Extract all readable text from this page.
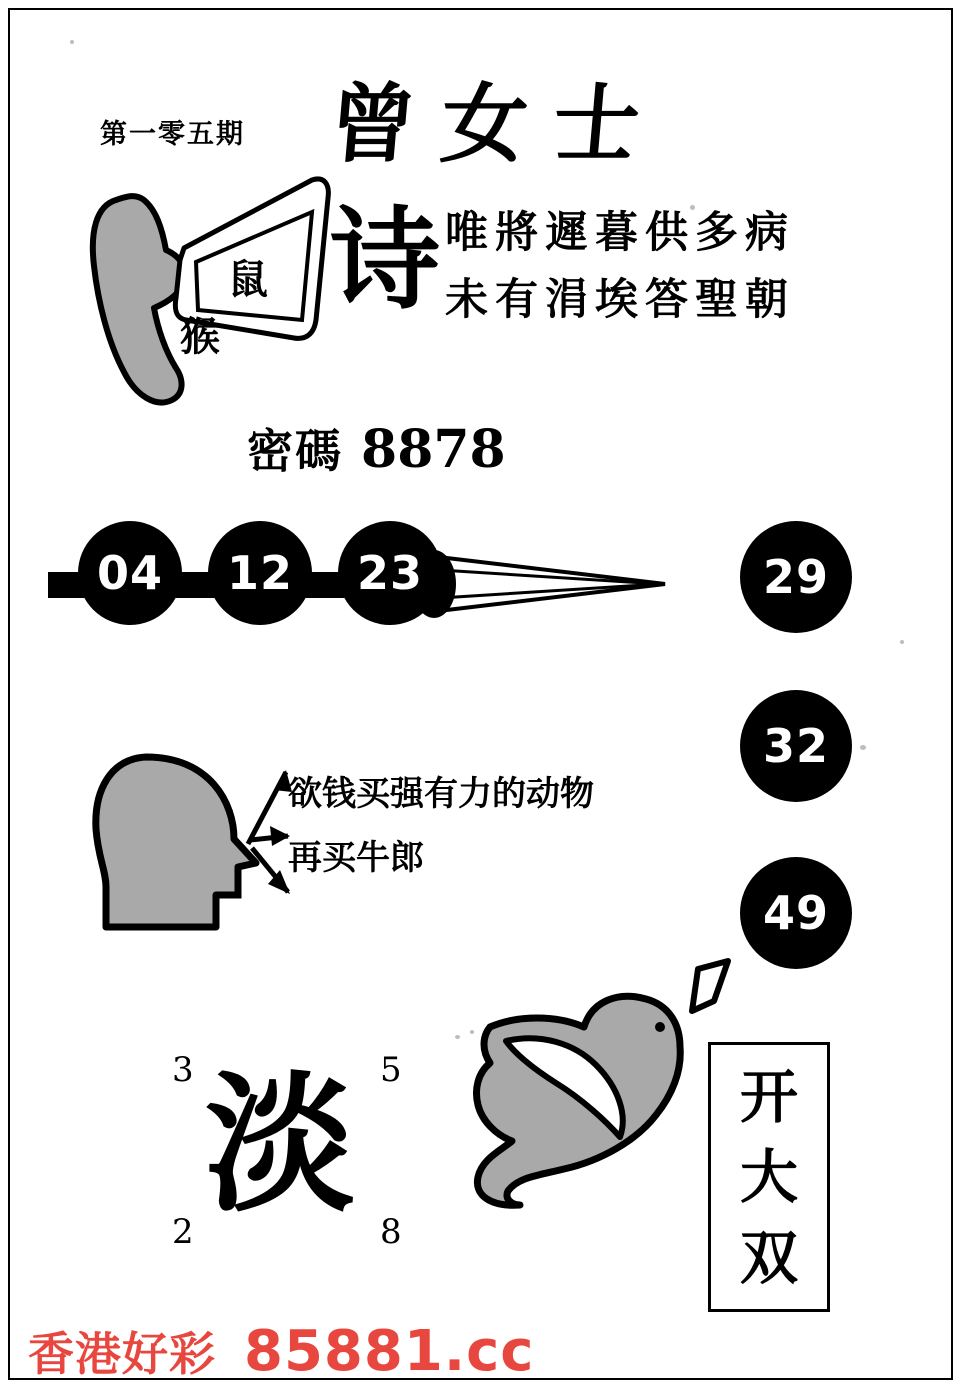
第一零五期 曾女士
鼠
猴
诗 唯將遲暮供多病
未有涓埃答聖朝
密碼 8878
04	12	23	29
32
49
欲钱买强有力的动物
再买牛郎
3	5
2	8
淡	开
大
双
香港好彩 85881.cc
